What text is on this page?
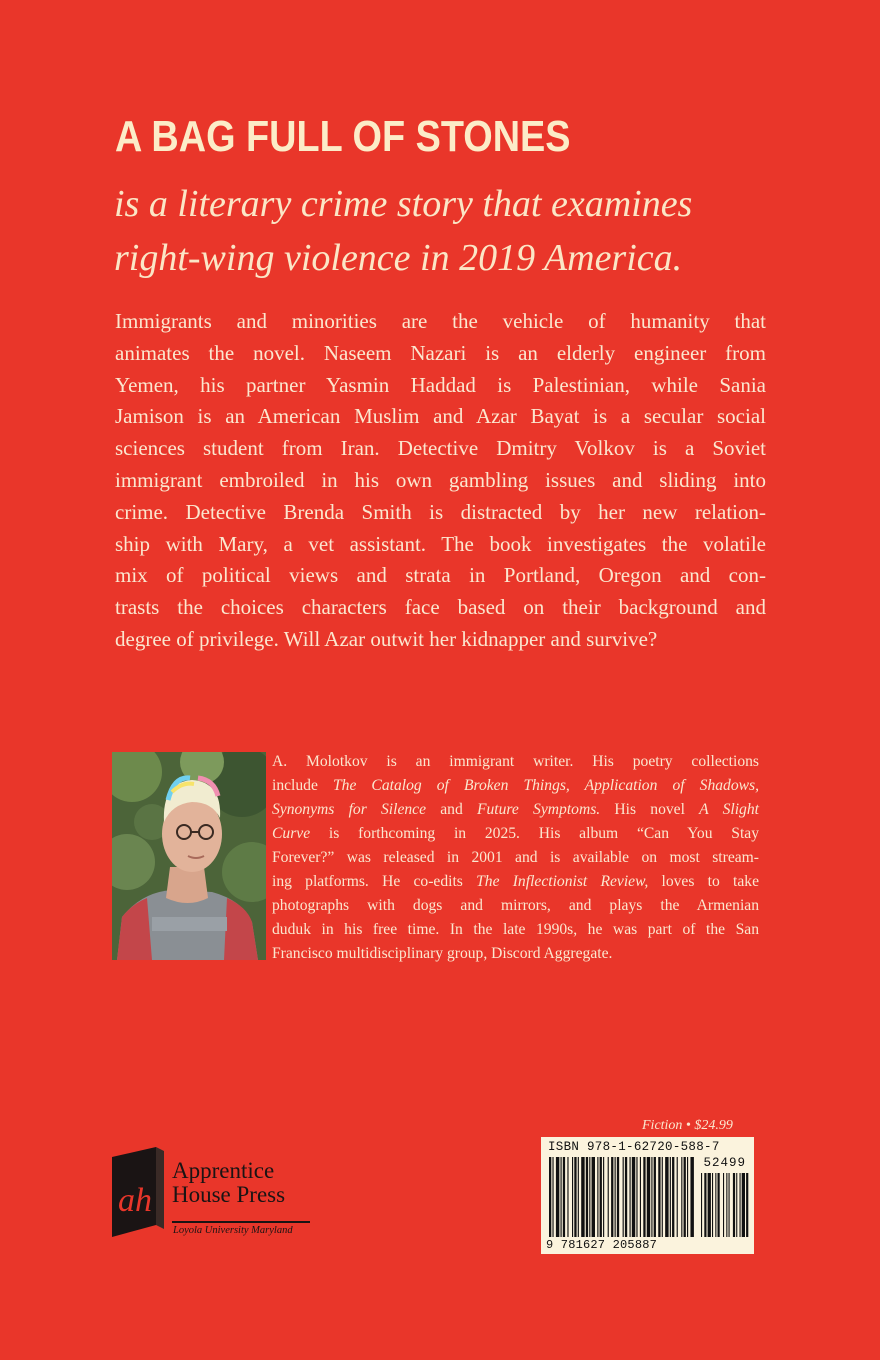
A BAG FULL OF STONES
is a literary crime story that examines
right-wing violence in 2019 America.
Immigrants and minorities are the vehicle of humanity that
animates the novel. Naseem Nazari is an elderly engineer from
Yemen, his partner Yasmin Haddad is Palestinian, while Sania
Jamison is an American Muslim and Azar Bayat is a secular social
sciences student from Iran. Detective Dmitry Volkov is a Soviet
immigrant embroiled in his own gambling issues and sliding into
crime. Detective Brenda Smith is distracted by her new relation-
ship with Mary, a vet assistant. The book investigates the volatile
mix of political views and strata in Portland, Oregon and con-
trasts the choices characters face based on their background and
degree of privilege. Will Azar outwit her kidnapper and survive?
A. Molotkov is an immigrant writer. His poetry collections
include The Catalog of Broken Things, Application of Shadows,
Synonyms for Silence and Future Symptoms. His novel A Slight
Curve is forthcoming in 2025. His album “Can You Stay
Forever?” was released in 2001 and is available on most stream-
ing platforms. He co-edits The Inflectionist Review, loves to take
photographs with dogs and mirrors, and plays the Armenian
duduk in his free time. In the late 1990s, he was part of the San
Francisco multidisciplinary group, Discord Aggregate.
Fiction • $24.99
ISBN 978-1-62720-588-7
52499
9 781627 205887
ah
Apprentice
House Press
Loyola University Maryland
